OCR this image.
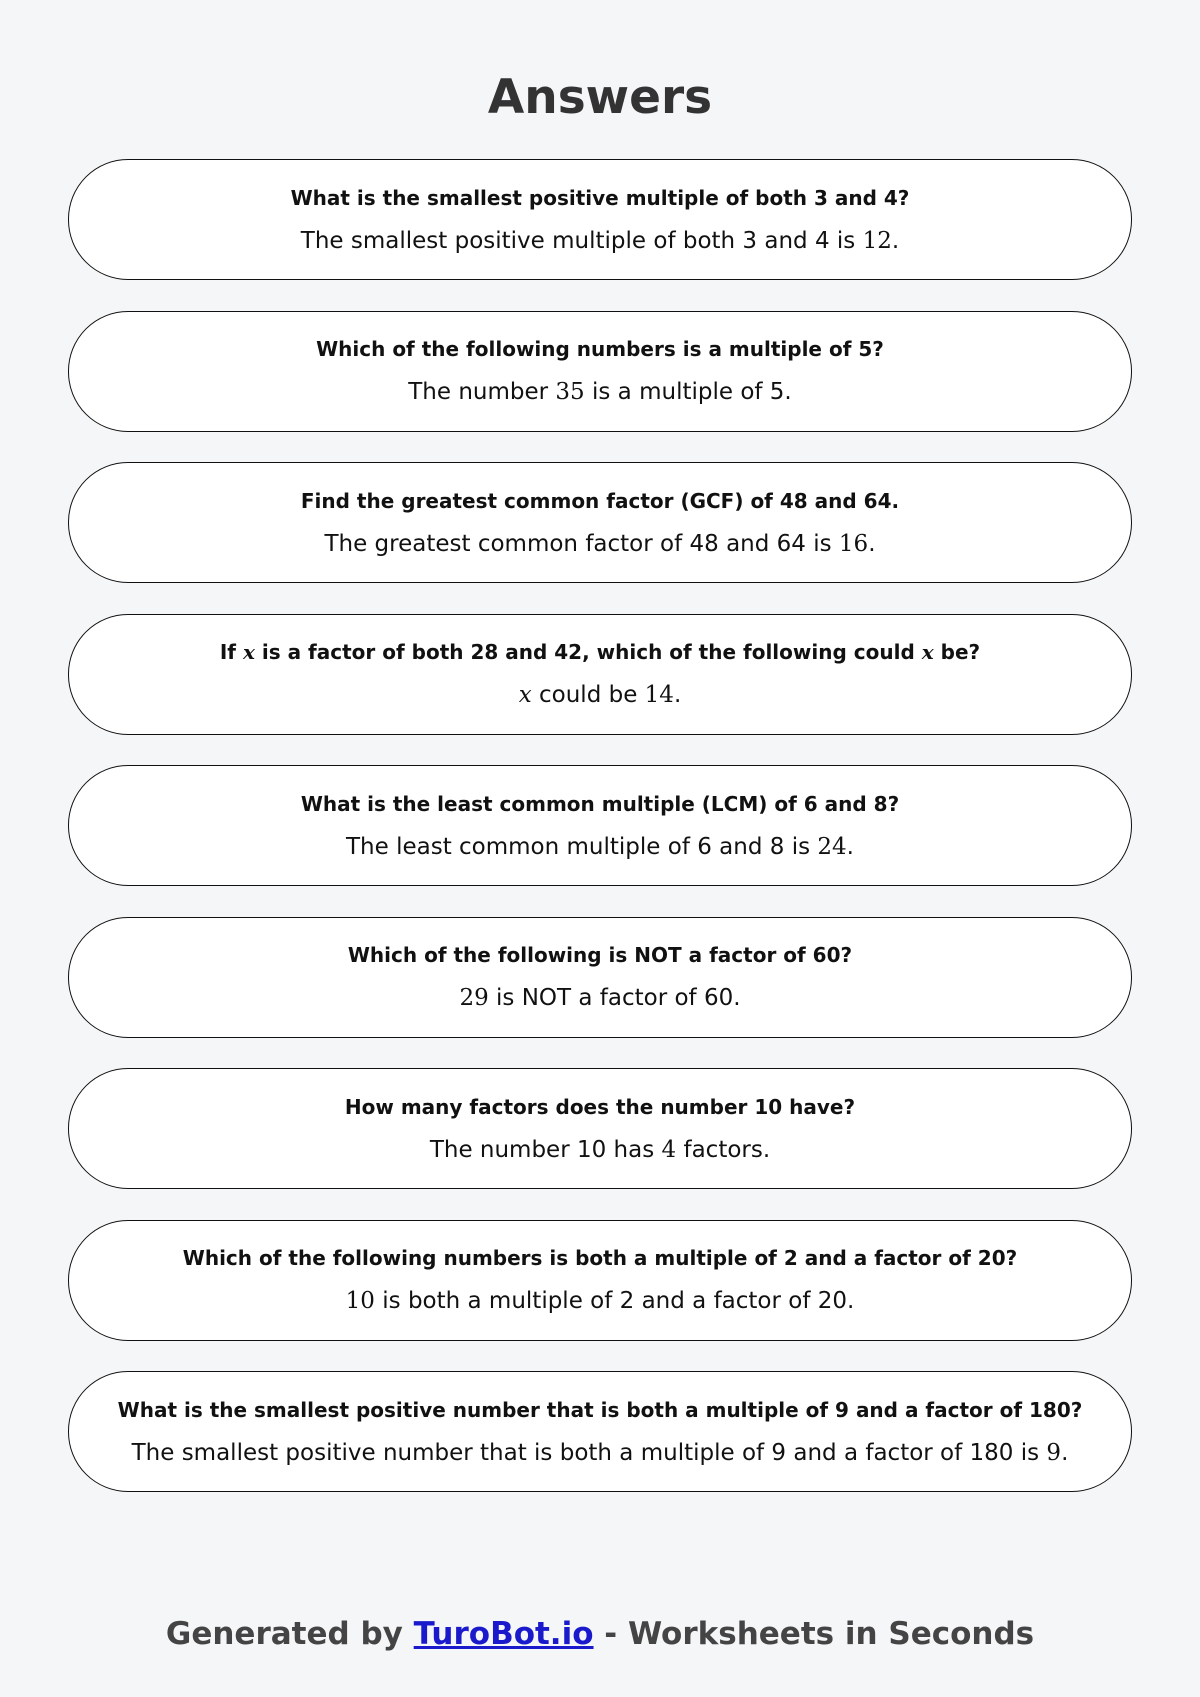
Answers
What is the smallest positive multiple of both 3 and 4?
The smallest positive multiple of both 3 and 4 is 12.
Which of the following numbers is a multiple of 5?
The number 35 is a multiple of 5.
Find the greatest common factor (GCF) of 48 and 64.
The greatest common factor of 48 and 64 is 16.
If x is a factor of both 28 and 42, which of the following could x be?
x could be 14.
What is the least common multiple (LCM) of 6 and 8?
The least common multiple of 6 and 8 is 24.
Which of the following is NOT a factor of 60?
29 is NOT a factor of 60.
How many factors does the number 10 have?
The number 10 has 4 factors.
Which of the following numbers is both a multiple of 2 and a factor of 20?
10 is both a multiple of 2 and a factor of 20.
What is the smallest positive number that is both a multiple of 9 and a factor of 180?
The smallest positive number that is both a multiple of 9 and a factor of 180 is 9.
Generated by TuroBot.io - Worksheets in Seconds
